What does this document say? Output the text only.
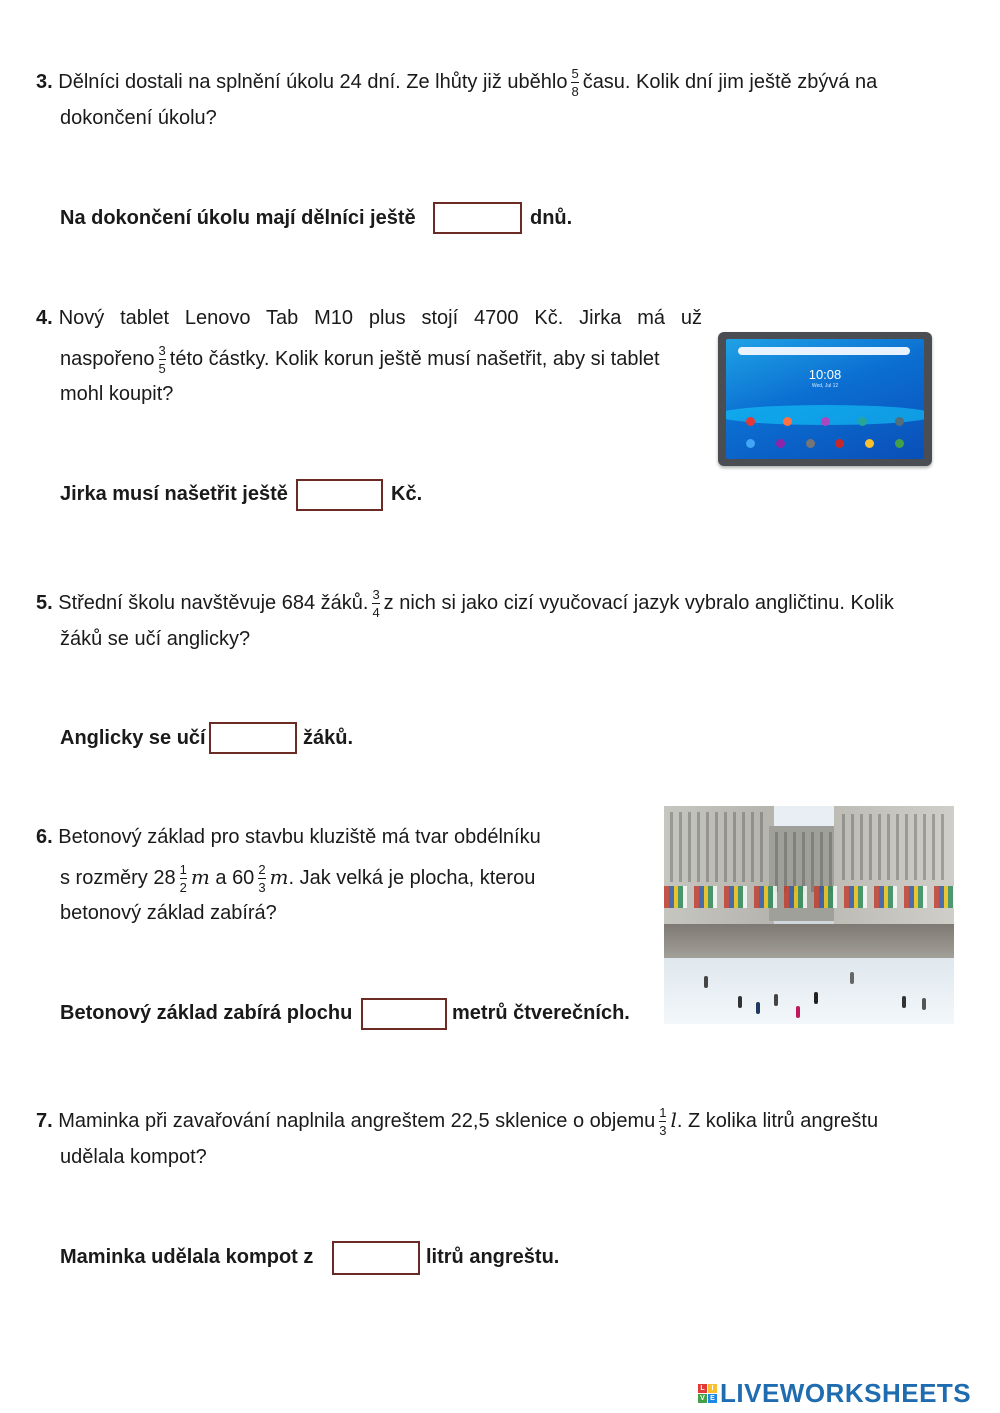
3. Dělníci dostali na splnění úkolu 24 dní. Ze lhůty již uběhlo $\frac{5}{8}$ času. Kolik dní jim ještě zbývá na
dokončení úkolu?
Na dokončení úkolu mají dělníci ještě	dnů.
4. Nový tablet Lenovo Tab M10 plus stojí 4700 Kč. Jirka má už
naspořeno $\frac{3}{5}$ této částky. Kolik korun ještě musí našetřit, aby si tablet
mohl koupit?
Jirka musí našetřit ještě	Kč.
10:08
Wed, Jul 12
5. Střední školu navštěvuje 684 žáků. $\frac{3}{4}$ z nich si jako cizí vyučovací jazyk vybralo angličtinu. Kolik
žáků se učí anglicky?
Anglicky se učí	žáků.
6. Betonový základ pro stavbu kluziště má tvar obdélníku
s rozměry $28 \frac{1}{2}$ m a $60 \frac{2}{3} m$. Jak velká je plocha, kterou
betonový základ zabírá?
Betonový základ zabírá plochu	metrů čtverečních.
7. Maminka při zavařování naplnila angreštem 22,5 sklenice o objemu $\frac{1}{3} l$. Z kolika litrů angreštu
udělala kompot?
Maminka udělala kompot z	litrů angreštu.
L I
V E LIVEWORKSHEETS
